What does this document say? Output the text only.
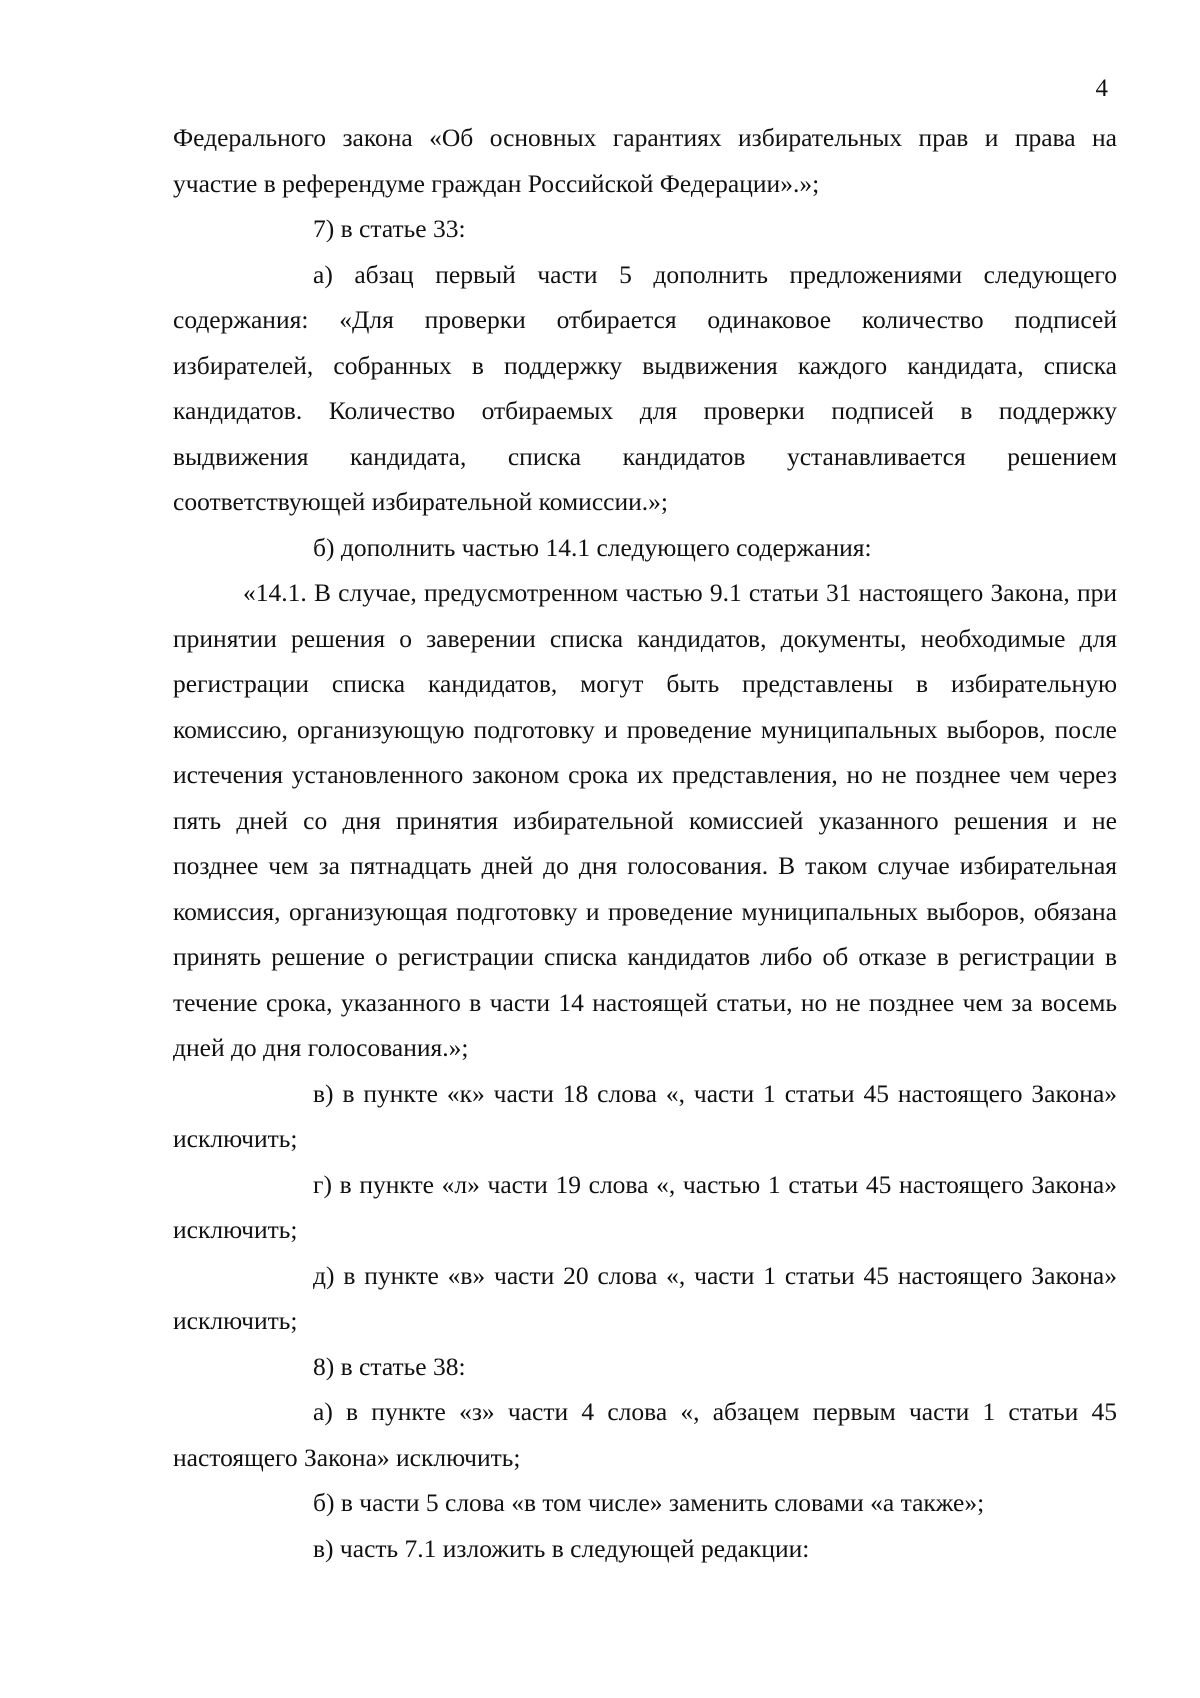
4

Федерального закона «Об основных гарантиях избирательных прав и права на участие в референдуме граждан Российской Федерации».»;

7) в статье 33:

а) абзац первый части 5 дополнить предложениями следующего содержания: «Для проверки отбирается одинаковое количество подписей избирателей, собранных в поддержку выдвижения каждого кандидата, списка кандидатов. Количество отбираемых для проверки подписей в поддержку выдвижения кандидата, списка кандидатов устанавливается решением соответствующей избирательной комиссии.»;

б) дополнить частью 14.1 следующего содержания:

«14.1. В случае, предусмотренном частью 9.1 статьи 31 настоящего Закона, при принятии решения о заверении списка кандидатов, документы, необходимые для регистрации списка кандидатов, могут быть представлены в избирательную комиссию, организующую подготовку и проведение муниципальных выборов, после истечения установленного законом срока их представления, но не позднее чем через пять дней со дня принятия избирательной комиссией указанного решения и не позднее чем за пятнадцать дней до дня голосования. В таком случае избирательная комиссия, организующая подготовку и проведение муниципальных выборов, обязана принять решение о регистрации списка кандидатов либо об отказе в регистрации в течение срока, указанного в части 14 настоящей статьи, но не позднее чем за восемь дней до дня голосования.»;

в) в пункте «к» части 18 слова «, части 1 статьи 45 настоящего Закона» исключить;

г) в пункте «л» части 19 слова «, частью 1 статьи 45 настоящего Закона» исключить;

д) в пункте «в» части 20 слова «, части 1 статьи 45 настоящего Закона» исключить;

8) в статье 38:

а) в пункте «з» части 4 слова «, абзацем первым части 1 статьи 45 настоящего Закона» исключить;

б) в части 5 слова «в том числе» заменить словами «а также»;

в) часть 7.1 изложить в следующей редакции:
